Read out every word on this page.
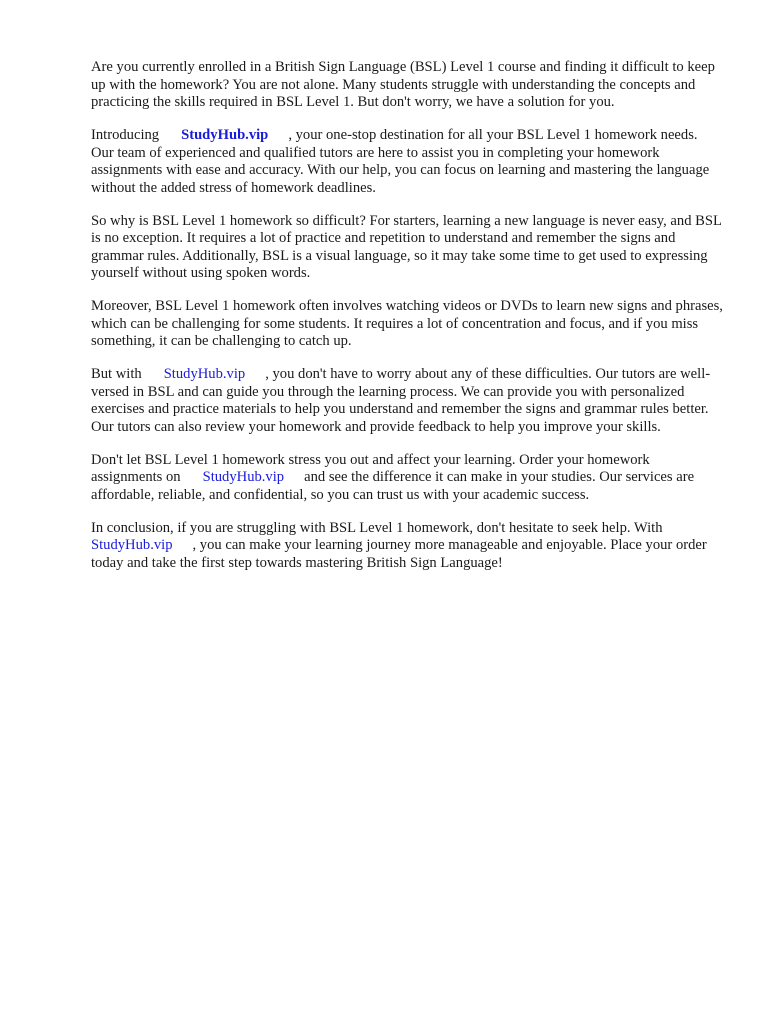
Are you currently enrolled in a British Sign Language (BSL) Level 1 course and finding it difficult to keep up with the homework? You are not alone. Many students struggle with understanding the concepts and practicing the skills required in BSL Level 1. But don't worry, we have a solution for you.

Introducing StudyHub.vip , your one-stop destination for all your BSL Level 1 homework needs. Our team of experienced and qualified tutors are here to assist you in completing your homework assignments with ease and accuracy. With our help, you can focus on learning and mastering the language without the added stress of homework deadlines.

So why is BSL Level 1 homework so difficult? For starters, learning a new language is never easy, and BSL is no exception. It requires a lot of practice and repetition to understand and remember the signs and grammar rules. Additionally, BSL is a visual language, so it may take some time to get used to expressing yourself without using spoken words.

Moreover, BSL Level 1 homework often involves watching videos or DVDs to learn new signs and phrases, which can be challenging for some students. It requires a lot of concentration and focus, and if you miss something, it can be challenging to catch up.

But with StudyHub.vip , you don't have to worry about any of these difficulties. Our tutors are well-versed in BSL and can guide you through the learning process. We can provide you with personalized exercises and practice materials to help you understand and remember the signs and grammar rules better. Our tutors can also review your homework and provide feedback to help you improve your skills.

Don't let BSL Level 1 homework stress you out and affect your learning. Order your homework assignments on StudyHub.vip and see the difference it can make in your studies. Our services are affordable, reliable, and confidential, so you can trust us with your academic success.

In conclusion, if you are struggling with BSL Level 1 homework, don't hesitate to seek help. With StudyHub.vip , you can make your learning journey more manageable and enjoyable. Place your order today and take the first step towards mastering British Sign Language!
